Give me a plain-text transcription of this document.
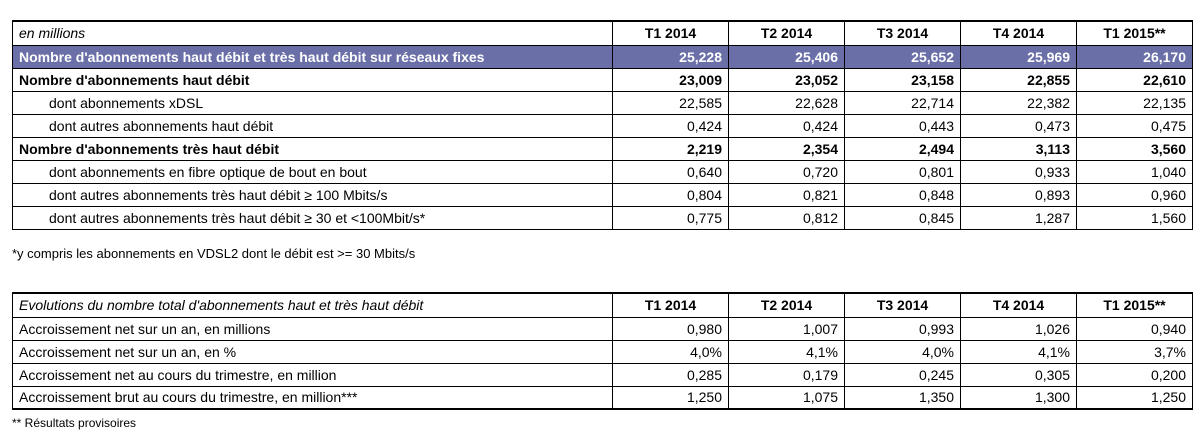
en millions	T1 2014	T2 2014	T3 2014	T4 2014	T1 2015**
Nombre d'abonnements haut débit et très haut débit sur réseaux fixes	25,228	25,406	25,652	25,969	26,170
Nombre d'abonnements haut débit	23,009	23,052	23,158	22,855	22,610
dont abonnements xDSL	22,585	22,628	22,714	22,382	22,135
dont autres abonnements haut débit	0,424	0,424	0,443	0,473	0,475
Nombre d'abonnements très haut débit	2,219	2,354	2,494	3,113	3,560
dont abonnements en fibre optique de bout en bout	0,640	0,720	0,801	0,933	1,040
dont autres abonnements très haut débit ≥ 100 Mbits/s	0,804	0,821	0,848	0,893	0,960
dont autres abonnements très haut débit ≥ 30 et <100Mbit/s*	0,775	0,812	0,845	1,287	1,560
*y compris les abonnements en VDSL2 dont le débit est >= 30 Mbits/s
Evolutions du nombre total d'abonnements haut et très haut débit	T1 2014	T2 2014	T3 2014	T4 2014	T1 2015**
Accroissement net sur un an, en millions	0,980	1,007	0,993	1,026	0,940
Accroissement net sur un an, en %	4,0%	4,1%	4,0%	4,1%	3,7%
Accroissement net au cours du trimestre, en million	0,285	0,179	0,245	0,305	0,200
Accroissement brut au cours du trimestre, en million***	1,250	1,075	1,350	1,300	1,250
** Résultats provisoires
